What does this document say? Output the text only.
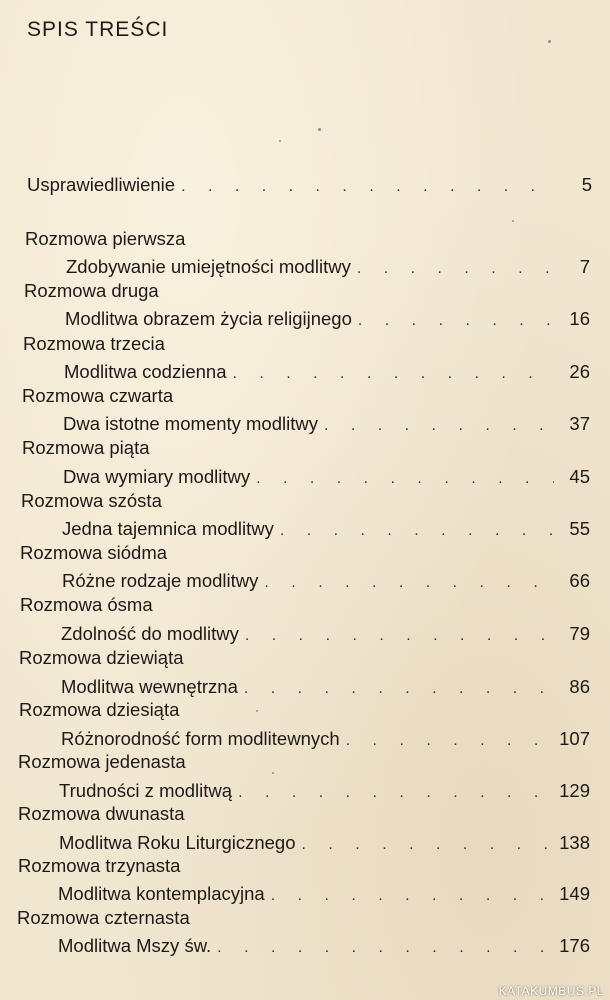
SPIS TREŚCI
Usprawiedliwienie . . .	5
Rozmowa pierwsza
Zdobywanie umiejętności modlitwy . . .	7
Rozmowa druga
Modlitwa obrazem życia religijnego . . .	16
Rozmowa trzecia
Modlitwa codzienna . . .	26
Rozmowa czwarta
Dwa istotne momenty modlitwy . . .	37
Rozmowa piąta
Dwa wymiary modlitwy . . .	45
Rozmowa szósta
Jedna tajemnica modlitwy . . .	55
Rozmowa siódma
Różne rodzaje modlitwy . . .	66
Rozmowa ósma
Zdolność do modlitwy . . .	79
Rozmowa dziewiąta
Modlitwa wewnętrzna . . .	86
Rozmowa dziesiąta
Różnorodność form modlitewnych . . .	107
Rozmowa jedenasta
Trudności z modlitwą . . .	129
Rozmowa dwunasta
Modlitwa Roku Liturgicznego . . .	138
Rozmowa trzynasta
Modlitwa kontemplacyjna . . .	149
Rozmowa czternasta
Modlitwa Mszy św. . . .	176
KATAKUMBUS.PL
